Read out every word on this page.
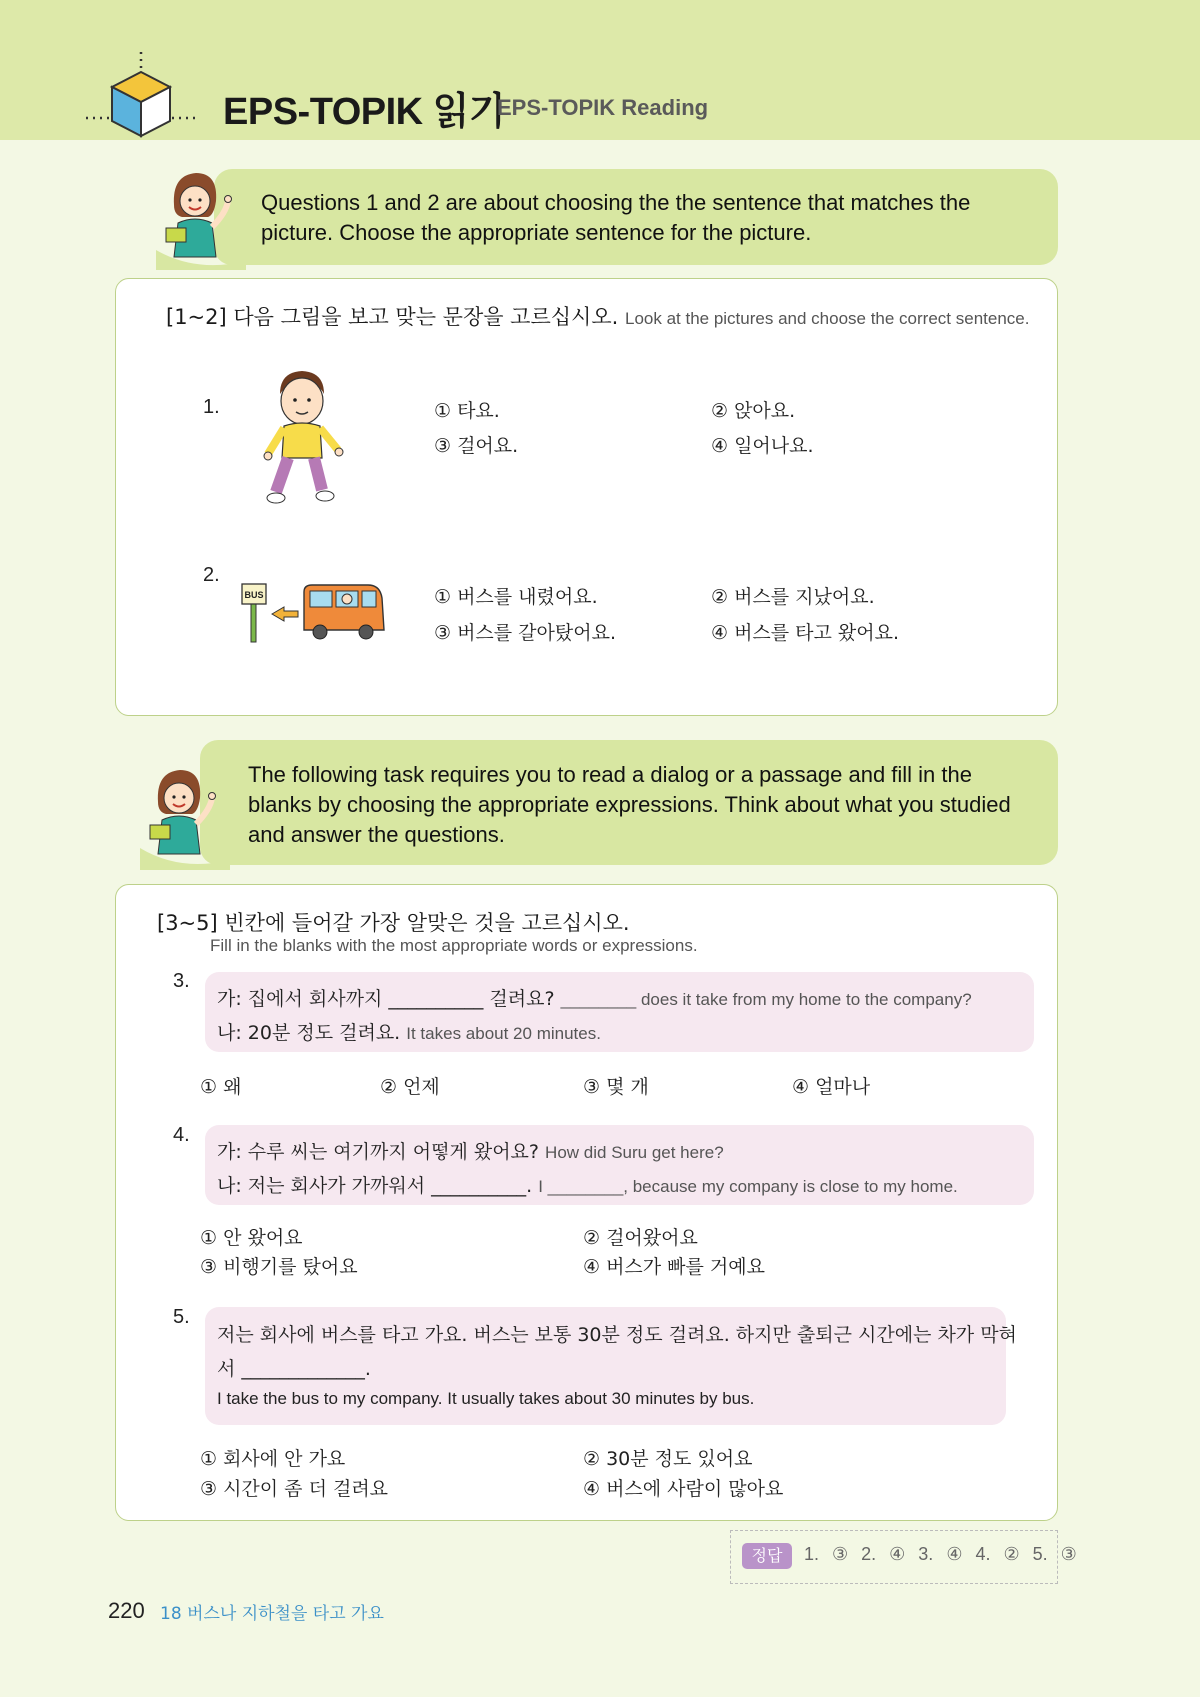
EPS-TOPIK 읽기
EPS-TOPIK Reading
Questions 1 and 2 are about choosing the the sentence that matches the
picture. Choose the appropriate sentence for the picture.
[1~2] 다음 그림을 보고 맞는 문장을 고르십시오. Look at the pictures and choose the correct sentence.
1.	① 타요.	② 앉아요.
③ 걸어요.	④ 일어나요.
2.
BUS	① 버스를 내렸어요.	② 버스를 지났어요.
③ 버스를 갈아탔어요.	④ 버스를 타고 왔어요.
The following task requires you to read a dialog or a passage and fill in the
blanks by choosing the appropriate expressions. Think about what you studied
and answer the questions.
[3~5] 빈칸에 들어갈 가장 알맞은 것을 고르십시오.
Fill in the blanks with the most appropriate words or expressions.
3.
가: 집에서 회사까지 __________ 걸려요? ________ does it take from my home to the company?
나: 20분 정도 걸려요. It takes about 20 minutes.
① 왜	② 언제	③ 몇 개	④ 얼마나
4.
가: 수루 씨는 여기까지 어떻게 왔어요? How did Suru get here?
나: 저는 회사가 가까워서 __________. I ________, because my company is close to my home.
① 안 왔어요	② 걸어왔어요
③ 비행기를 탔어요	④ 버스가 빠를 거예요
5.
저는 회사에 버스를 타고 가요. 버스는 보통 30분 정도 걸려요. 하지만 출퇴근 시간에는 차가 막혀
서 _____________.
I take the bus to my company. It usually takes about 30 minutes by bus.
① 회사에 안 가요	② 30분 정도 있어요
③ 시간이 좀 더 걸려요	④ 버스에 사람이 많아요
정답	1. ③ 2. ④ 3. ④ 4. ② 5. ③
220 18 버스나 지하철을 타고 가요
